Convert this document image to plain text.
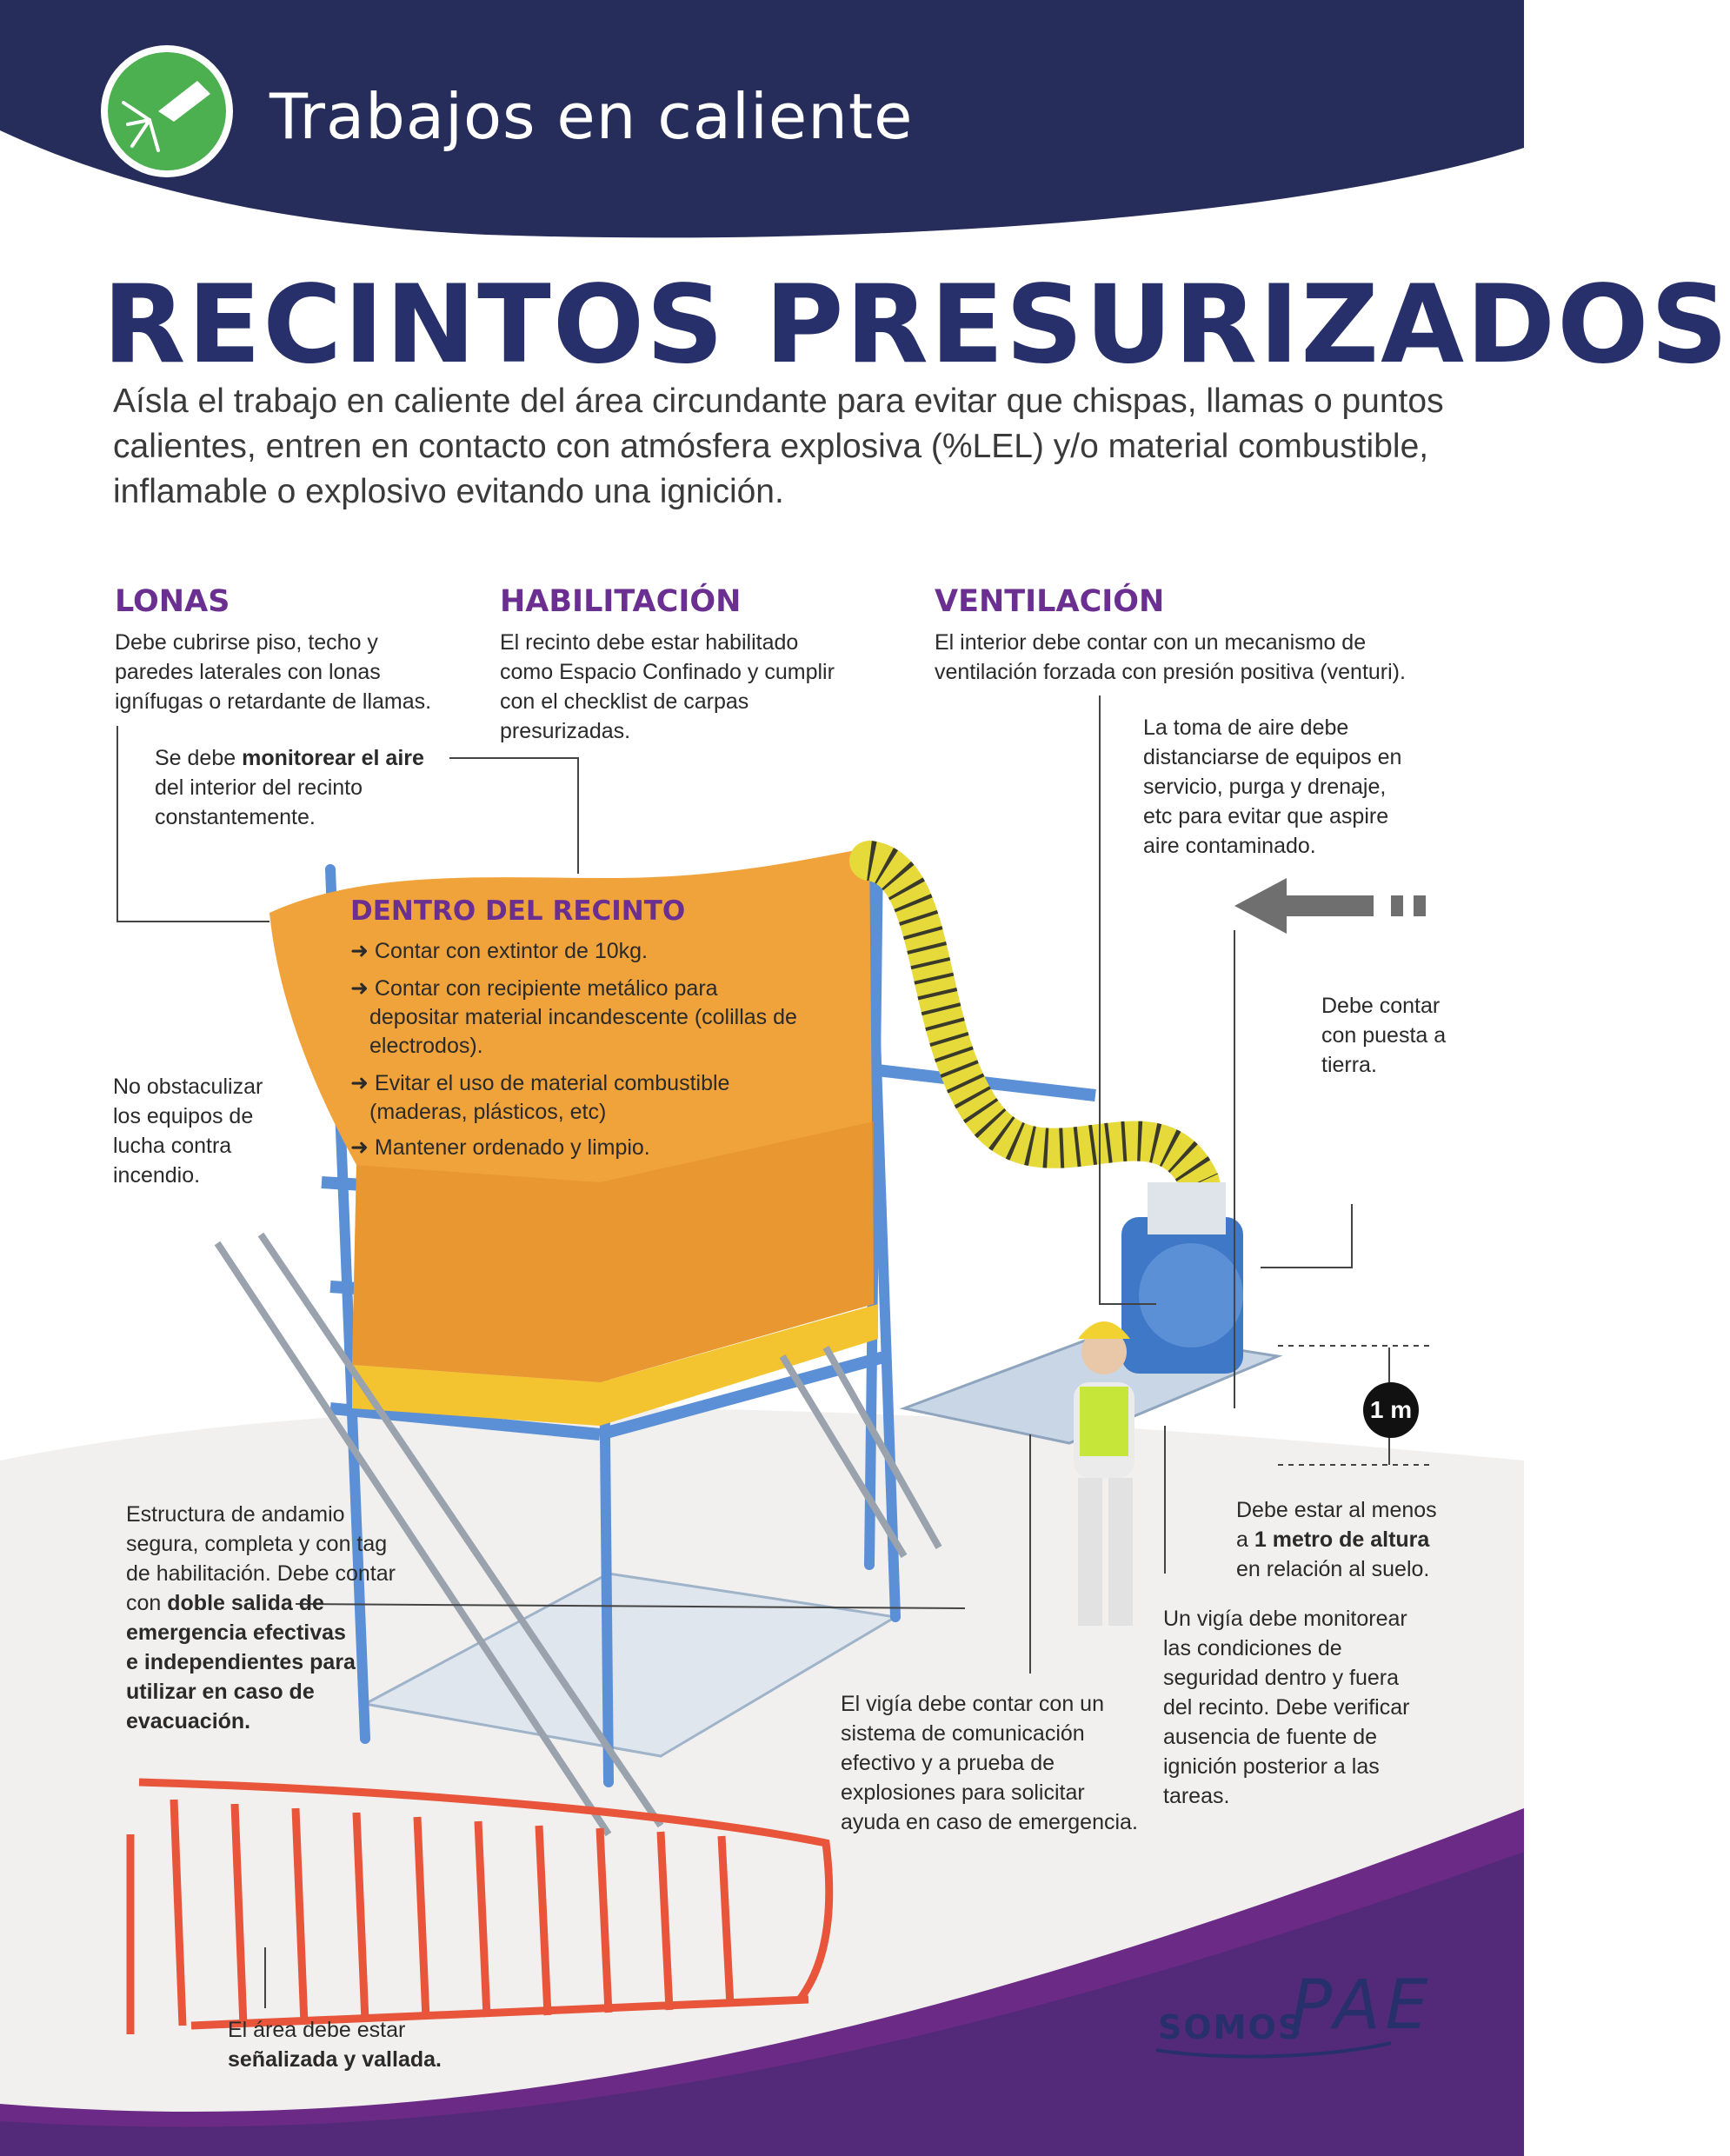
Trabajos en caliente
RECINTOS PRESURIZADOS
Aísla el trabajo en caliente del área circundante para evitar que chispas, llamas o puntos calientes, entren en contacto con atmósfera explosiva (%LEL) y/o material combustible, inflamable o explosivo evitando una ignición.
LONAS
Debe cubrirse piso, techo y
paredes laterales con lonas
ignífugas o retardante de llamas.
HABILITACIÓN
El recinto debe estar habilitado
como Espacio Confinado y cumplir
con el checklist de carpas
presurizadas.
VENTILACIÓN
El interior debe contar con un mecanismo de
ventilación forzada con presión positiva (venturi).
Se debe monitorear el aire
del interior del recinto
constantemente.
La toma de aire debe
distanciarse de equipos en
servicio, purga y drenaje,
etc para evitar que aspire
aire contaminado.
DENTRO DEL RECINTO
➜ Contar con extintor de 10kg.
➜ Contar con recipiente metálico para
depositar material incandescente (colillas de
electrodos).
➜ Evitar el uso de material combustible
(maderas, plásticos, etc)
➜ Mantener ordenado y limpio.
Debe contar
con puesta a
tierra.
No obstaculizar
los equipos de
lucha contra
incendio.
1 m
Estructura de andamio
segura, completa y con tag
de habilitación. Debe contar
con doble salida de
emergencia efectivas
e independientes para
utilizar en caso de
evacuación.
Debe estar al menos
a 1 metro de altura
en relación al suelo.
Un vigía debe monitorear
las condiciones de
seguridad dentro y fuera
del recinto. Debe verificar
ausencia de fuente de
ignición posterior a las
tareas.
El vigía debe contar con un
sistema de comunicación
efectivo y a prueba de
explosiones para solicitar
ayuda en caso de emergencia.
El área debe estar
señalizada y vallada.
SOMOS
PAE
